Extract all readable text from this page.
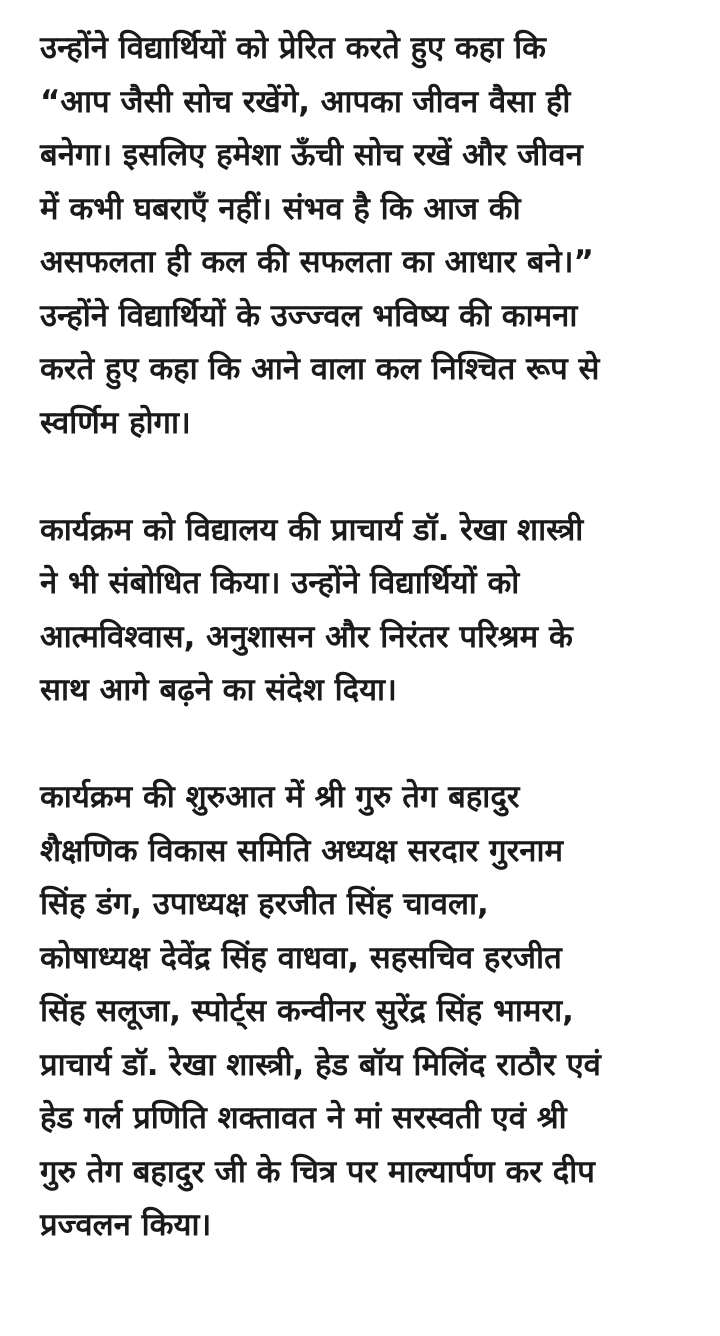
उन्होंने विद्यार्थियों को प्रेरित करते हुए कहा कि
“आप जैसी सोच रखेंगे, आपका जीवन वैसा ही
बनेगा। इसलिए हमेशा ऊँची सोच रखें और जीवन
में कभी घबराएँ नहीं। संभव है कि आज की
असफलता ही कल की सफलता का आधार बने।”
उन्होंने विद्यार्थियों के उज्ज्वल भविष्य की कामना
करते हुए कहा कि आने वाला कल निश्चित रूप से
स्वर्णिम होगा।
कार्यक्रम को विद्यालय की प्राचार्य डॉ. रेखा शास्त्री
ने भी संबोधित किया। उन्होंने विद्यार्थियों को
आत्मविश्वास, अनुशासन और निरंतर परिश्रम के
साथ आगे बढ़ने का संदेश दिया।
कार्यक्रम की शुरुआत में श्री गुरु तेग बहादुर
शैक्षणिक विकास समिति अध्यक्ष सरदार गुरनाम
सिंह डंग, उपाध्यक्ष हरजीत सिंह चावला,
कोषाध्यक्ष देवेंद्र सिंह वाधवा, सहसचिव हरजीत
सिंह सलूजा, स्पोर्ट्स कन्वीनर सुरेंद्र सिंह भामरा,
प्राचार्य डॉ. रेखा शास्त्री, हेड बॉय मिलिंद राठौर एवं
हेड गर्ल प्रणिति शक्तावत ने मां सरस्वती एवं श्री
गुरु तेग बहादुर जी के चित्र पर माल्यार्पण कर दीप
प्रज्वलन किया।
